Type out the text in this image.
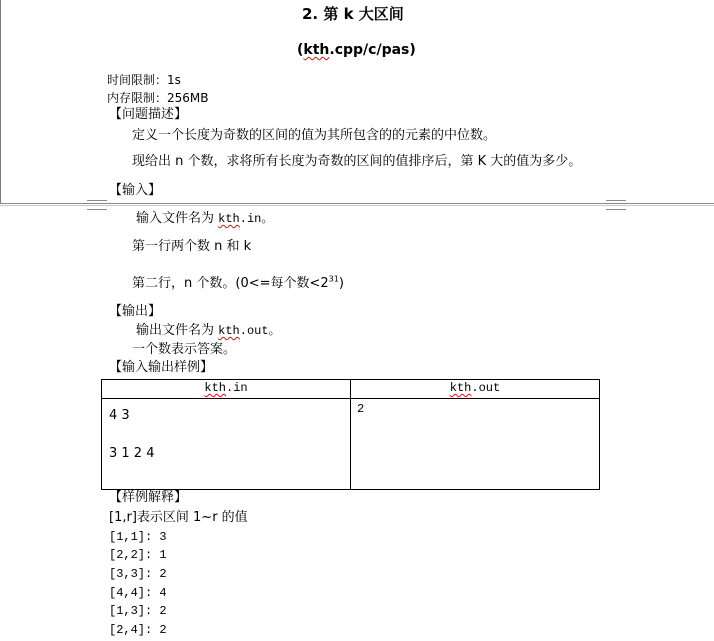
2. 第 k 大区间
(kth.cpp/c/pas)
时间限制：1s
内存限制：256MB
【问题描述】
定义一个长度为奇数的区间的值为其所包含的的元素的中位数。
现给出 n 个数，求将所有长度为奇数的区间的值排序后，第 K 大的值为多少。
【输入】
输入文件名为 kth.in。
第一行两个数 n 和 k
第二行，n 个数。(0<=每个数$<2^{31}$)
【输出】
输出文件名为 kth.out。
一个数表示答案。
【输入输出样例】
kth.in	kth.out

4 3
3 1 2 4	2
【样例解释】
[1,r]表示区间 1~r 的值
[1,1]: 3
[2,2]: 1
[3,3]: 2
[4,4]: 4
[1,3]: 2
[2,4]: 2
